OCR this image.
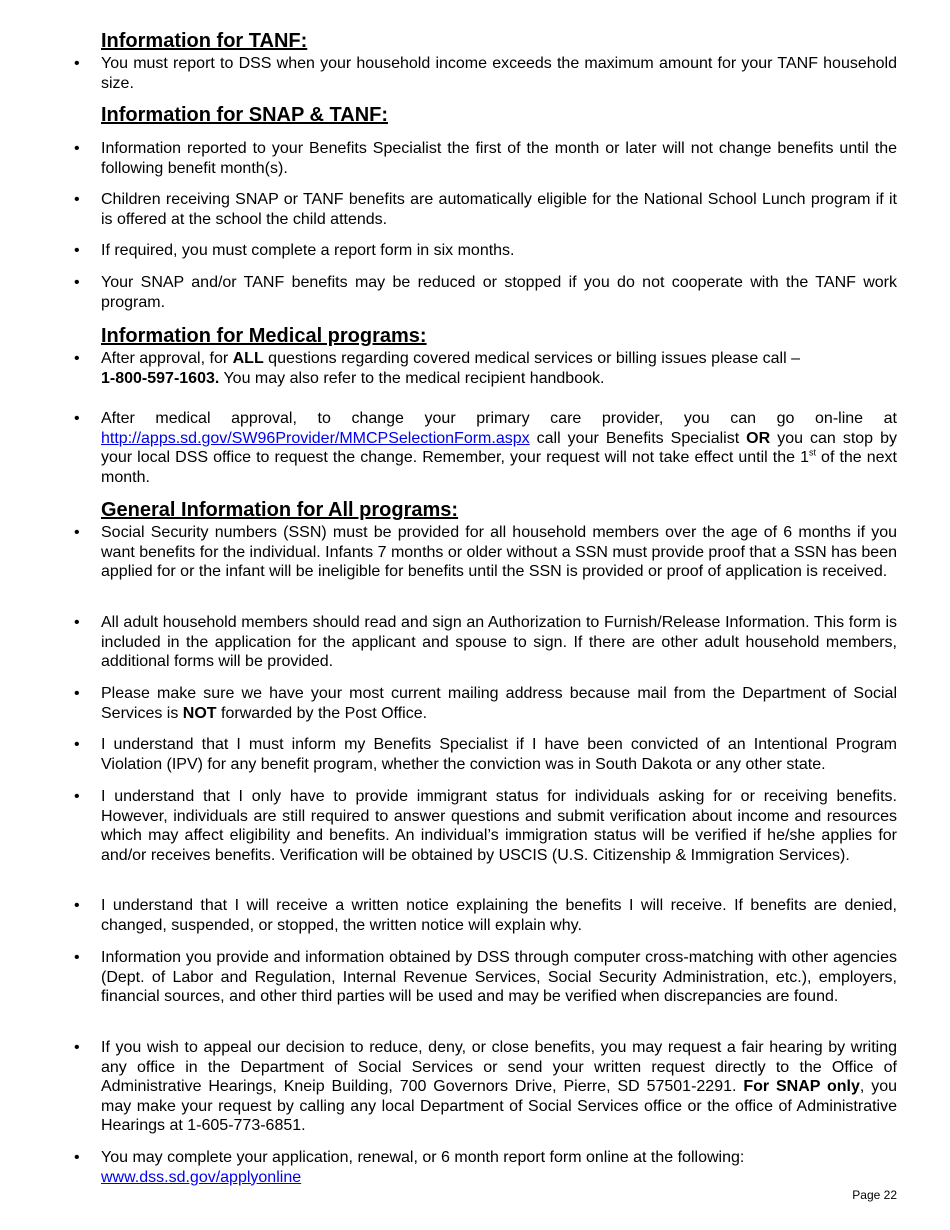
Information for TANF:
• You must report to DSS when your household income exceeds the maximum amount for your TANF household size.
Information for SNAP & TANF:
• Information reported to your Benefits Specialist the first of the month or later will not change benefits until the following benefit month(s).
• Children receiving SNAP or TANF benefits are automatically eligible for the National School Lunch program if it is offered at the school the child attends.
• If required, you must complete a report form in six months.
• Your SNAP and/or TANF benefits may be reduced or stopped if you do not cooperate with the TANF work program.
Information for Medical programs:
• After approval, for ALL questions regarding covered medical services or billing issues please call –
1-800-597-1603. You may also refer to the medical recipient handbook.
• After medical approval, to change your primary care provider, you can go on-line at http://apps.sd.gov/SW96Provider/MMCPSelectionForm.aspx call your Benefits Specialist OR you can stop by your local DSS office to request the change. Remember, your request will not take effect until the 1st of the next month.
General Information for All programs:
• Social Security numbers (SSN) must be provided for all household members over the age of 6 months if you want benefits for the individual. Infants 7 months or older without a SSN must provide proof that a SSN has been applied for or the infant will be ineligible for benefits until the SSN is provided or proof of application is received.
• All adult household members should read and sign an Authorization to Furnish/Release Information. This form is included in the application for the applicant and spouse to sign. If there are other adult household members, additional forms will be provided.
• Please make sure we have your most current mailing address because mail from the Department of Social Services is NOT forwarded by the Post Office.
• I understand that I must inform my Benefits Specialist if I have been convicted of an Intentional Program Violation (IPV) for any benefit program, whether the conviction was in South Dakota or any other state.
• I understand that I only have to provide immigrant status for individuals asking for or receiving benefits. However, individuals are still required to answer questions and submit verification about income and resources which may affect eligibility and benefits. An individual’s immigration status will be verified if he/she applies for and/or receives benefits. Verification will be obtained by USCIS (U.S. Citizenship & Immigration Services).
• I understand that I will receive a written notice explaining the benefits I will receive. If benefits are denied, changed, suspended, or stopped, the written notice will explain why.
• Information you provide and information obtained by DSS through computer cross-matching with other agencies (Dept. of Labor and Regulation, Internal Revenue Services, Social Security Administration, etc.), employers, financial sources, and other third parties will be used and may be verified when discrepancies are found.
• If you wish to appeal our decision to reduce, deny, or close benefits, you may request a fair hearing by writing any office in the Department of Social Services or send your written request directly to the Office of Administrative Hearings, Kneip Building, 700 Governors Drive, Pierre, SD 57501-2291. For SNAP only, you may make your request by calling any local Department of Social Services office or the office of Administrative Hearings at 1-605-773-6851.
• You may complete your application, renewal, or 6 month report form online at the following:
www.dss.sd.gov/applyonline
Page 22
